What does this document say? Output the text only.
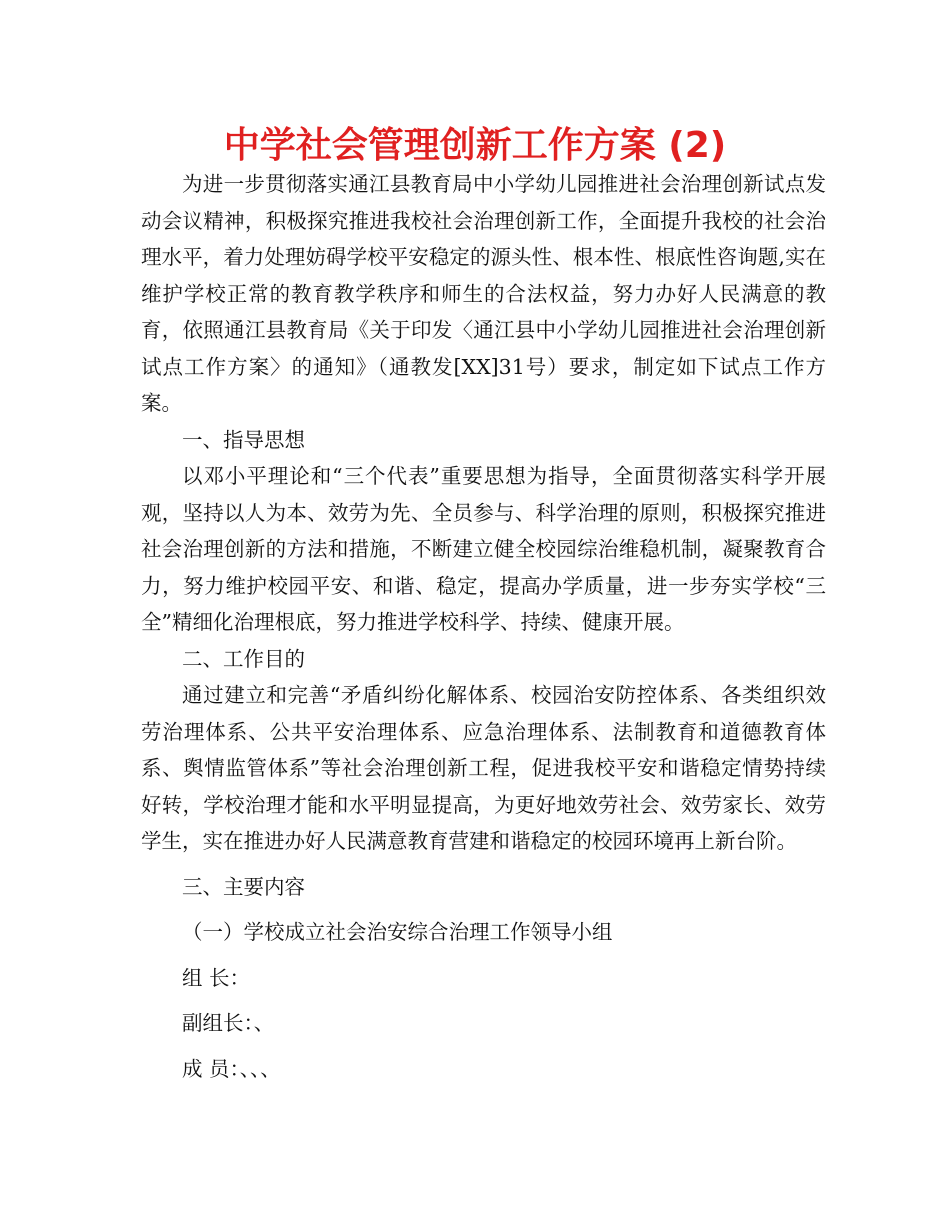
中学社会管理创新工作方案 (2)

为进一步贯彻落实通江县教育局中小学幼儿园推进社会治理创新试点发动会议精神，积极探究推进我校社会治理创新工作，全面提升我校的社会治理水平，着力处理妨碍学校平安稳定的源头性、根本性、根底性咨询题,实在维护学校正常的教育教学秩序和师生的合法权益，努力办好人民满意的教育，依照通江县教育局《关于印发〈通江县中小学幼儿园推进社会治理创新试点工作方案〉的通知》（通教发[XX]31号）要求，制定如下试点工作方案。

一、指导思想

以邓小平理论和“三个代表”重要思想为指导，全面贯彻落实科学开展观，坚持以人为本、效劳为先、全员参与、科学治理的原则，积极探究推进社会治理创新的方法和措施，不断建立健全校园综治维稳机制，凝聚教育合力，努力维护校园平安、和谐、稳定，提高办学质量，进一步夯实学校“三全”精细化治理根底，努力推进学校科学、持续、健康开展。

二、工作目的

通过建立和完善“矛盾纠纷化解体系、校园治安防控体系、各类组织效劳治理体系、公共平安治理体系、应急治理体系、法制教育和道德教育体系、舆情监管体系”等社会治理创新工程，促进我校平安和谐稳定情势持续好转，学校治理才能和水平明显提高，为更好地效劳社会、效劳家长、效劳学生，实在推进办好人民满意教育营建和谐稳定的校园环境再上新台阶。

三、主要内容

（一）学校成立社会治安综合治理工作领导小组

组 长：

副组长：、

成 员：、、、
